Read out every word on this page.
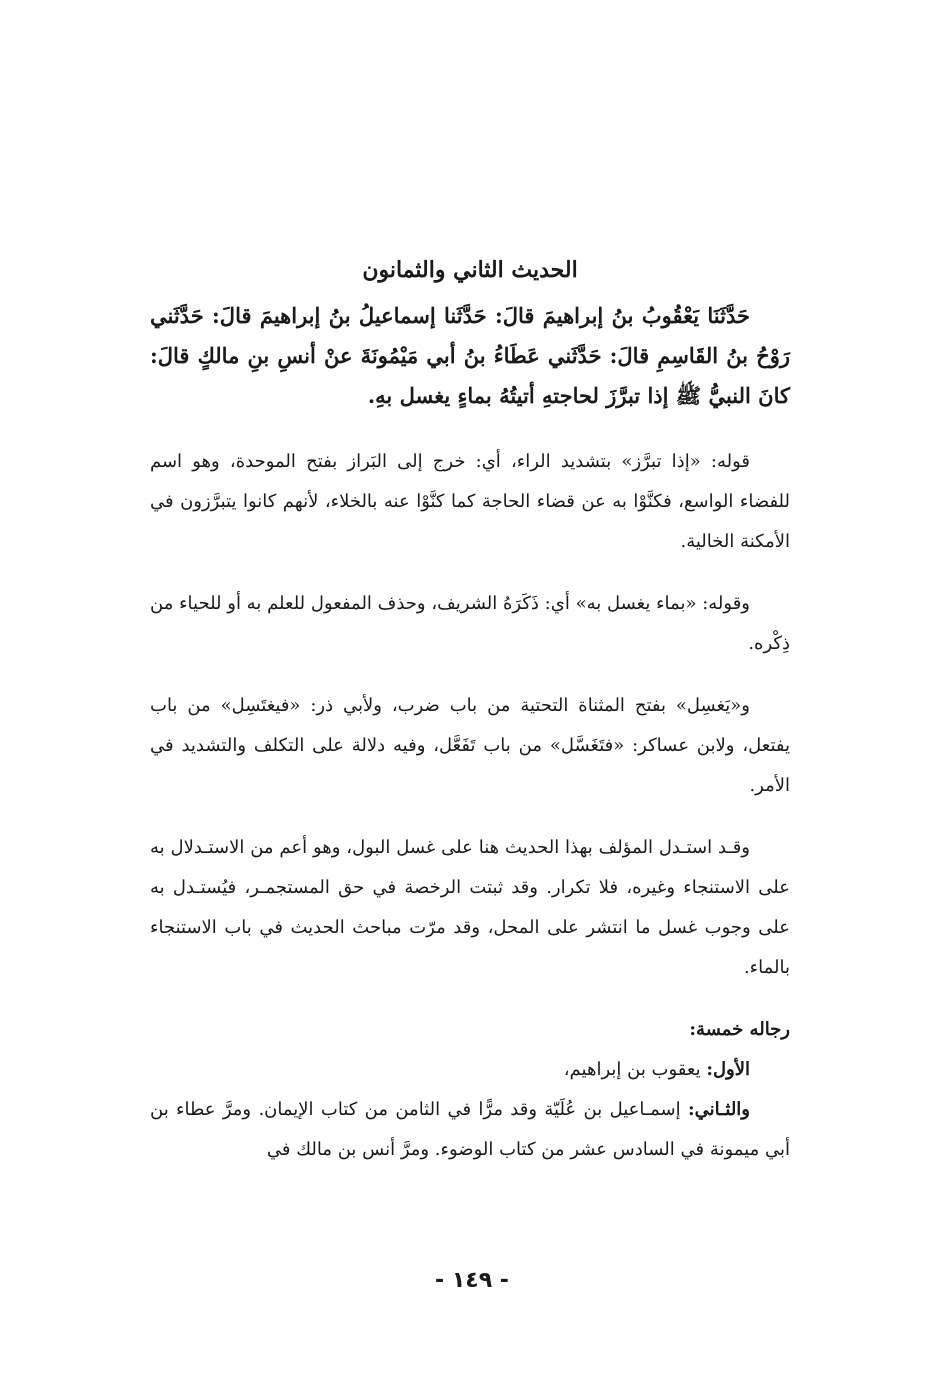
الحديث الثاني والثمانون

حَدَّثَنَا يَعْقُوبُ بنُ إبراهيمَ قالَ: حَدَّثَنا إسماعيلُ بنُ إبراهيمَ قالَ: حَدَّثَني رَوْحُ بنُ القَاسِمِ قالَ: حَدَّثَني عَطَاءُ بنُ أبي مَيْمُونَةَ عنْ أنسِ بنِ مالكٍ قالَ: كانَ النبيُّ ﷺ إذا تبرَّزَ لحاجتهِ أتيتُهُ بماءٍ يغسل بهِ.

قوله: «إذا تبرَّز» بتشديد الراء، أي: خرج إلى البَراز بفتح الموحدة، وهو اسم للفضاء الواسع، فكنَّوْا به عن قضاء الحاجة كما كنَّوْا عنه بالخلاء، لأنهم كانوا يتبرَّزون في الأمكنة الخالية.

وقوله: «بماء يغسل به» أي: ذَكَرَهُ الشريف، وحذف المفعول للعلم به أو للحياء من ذِكْره.

و«يَغسِل» بفتح المثناة التحتية من باب ضرب، ولأبي ذر: «فيغتَسِل» من باب يفتعل، ولابن عساكر: «فتَغَسَّل» من باب تَفَعَّل، وفيه دلالة على التكلف والتشديد في الأمر.

وقـد استـدل المؤلف بهذا الحديث هنا على غسل البول، وهو أعم من الاستـدلال به على الاستنجاء وغيره، فلا تكرار. وقد ثبتت الرخصة في حق المستجمـر، فيُستـدل به على وجوب غسل ما انتشر على المحل، وقد مرّت مباحث الحديث في باب الاستنجاء بالماء.

رجاله خمسة:

الأول: يعقوب بن إبراهيم،

والثـاني: إسمـاعيل بن عُلَيّة وقد مرًّا في الثامن من كتاب الإيمان. ومرَّ عطاء بن أبي ميمونة في السادس عشر من كتاب الوضوء. ومرَّ أنس بن مالك في

- ١٤٩ -
